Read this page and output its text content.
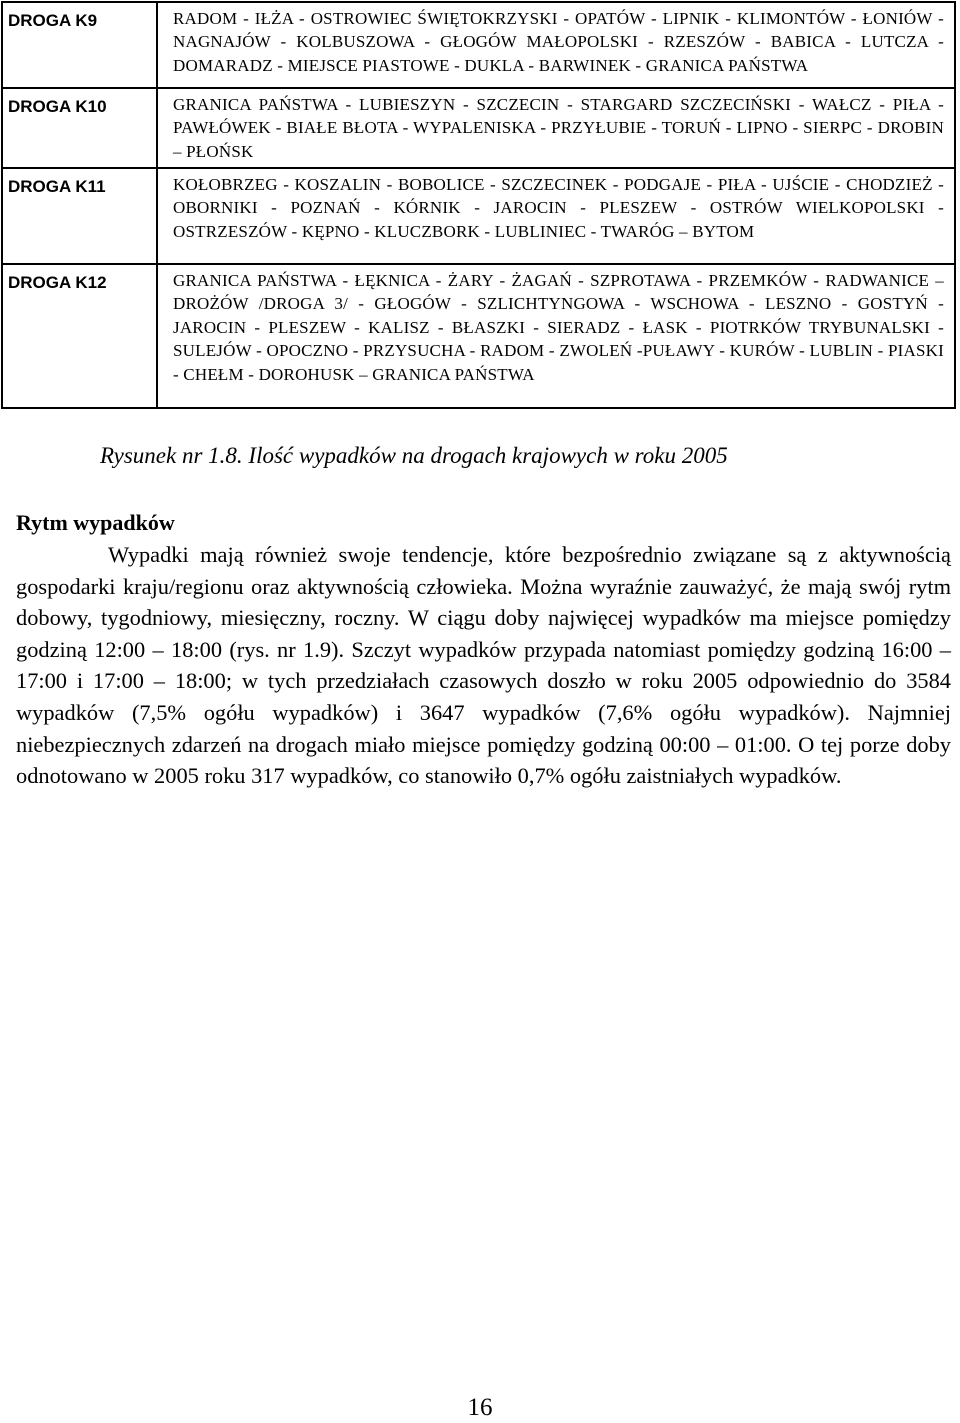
DROGA K9	RADOM - IŁŻA - OSTROWIEC ŚWIĘTOKRZYSKI - OPATÓW - LIPNIK - KLIMONTÓW - ŁONIÓW - NAGNAJÓW - KOLBUSZOWA - GŁOGÓW MAŁOPOLSKI - RZESZÓW - BABICA - LUTCZA - DOMARADZ - MIEJSCE PIASTOWE - DUKLA - BARWINEK - GRANICA PAŃSTWA
DROGA K10	GRANICA PAŃSTWA - LUBIESZYN - SZCZECIN - STARGARD SZCZECIŃSKI - WAŁCZ - PIŁA - PAWŁÓWEK - BIAŁE BŁOTA - WYPALENISKA - PRZYŁUBIE - TORUŃ - LIPNO - SIERPC - DROBIN – PŁOŃSK
DROGA K11	KOŁOBRZEG - KOSZALIN - BOBOLICE - SZCZECINEK - PODGAJE - PIŁA - UJŚCIE - CHODZIEŻ - OBORNIKI - POZNAŃ - KÓRNIK - JAROCIN - PLESZEW - OSTRÓW WIELKOPOLSKI - OSTRZESZÓW - KĘPNO - KLUCZBORK - LUBLINIEC - TWARÓG – BYTOM
DROGA K12	GRANICA PAŃSTWA - ŁĘKNICA - ŻARY - ŻAGAŃ - SZPROTAWA - PRZEMKÓW - RADWANICE – DROŻÓW /DROGA 3/ - GŁOGÓW - SZLICHTYNGOWA - WSCHOWA - LESZNO - GOSTYŃ - JAROCIN - PLESZEW - KALISZ - BŁASZKI - SIERADZ - ŁASK - PIOTRKÓW TRYBUNALSKI - SULEJÓW - OPOCZNO - PRZYSUCHA - RADOM - ZWOLEŃ -PUŁAWY - KURÓW - LUBLIN - PIASKI - CHEŁM - DOROHUSK – GRANICA PAŃSTWA
Rysunek nr 1.8. Ilość wypadków na drogach krajowych w roku 2005
Rytm wypadków

Wypadki mają również swoje tendencje, które bezpośrednio związane są z aktywnością gospodarki kraju/regionu oraz aktywnością człowieka. Można wyraźnie zauważyć, że mają swój rytm dobowy, tygodniowy, miesięczny, roczny. W ciągu doby najwięcej wypadków ma miejsce pomiędzy godziną 12:00 – 18:00 (rys. nr 1.9). Szczyt wypadków przypada natomiast pomiędzy godziną 16:00 – 17:00 i 17:00 – 18:00; w tych przedziałach czasowych doszło w roku 2005 odpowiednio do 3584 wypadków (7,5% ogółu wypadków) i 3647 wypadków (7,6% ogółu wypadków). Najmniej niebezpiecznych zdarzeń na drogach miało miejsce pomiędzy godziną 00:00 – 01:00. O tej porze doby odnotowano w 2005 roku 317 wypadków, co stanowiło 0,7% ogółu zaistniałych wypadków.

16
